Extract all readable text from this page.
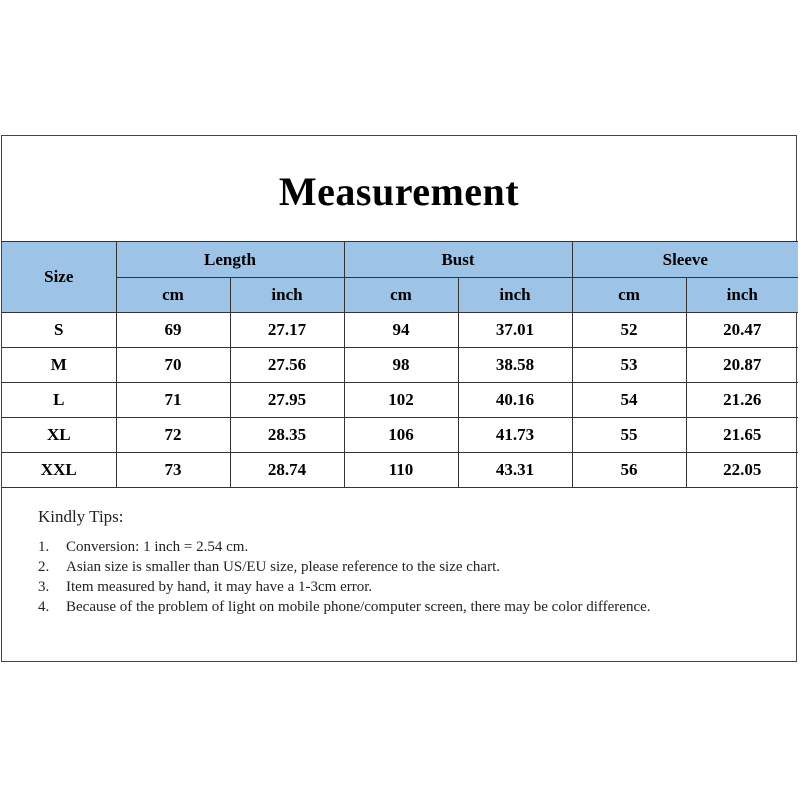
Measurement
Size	Length		Bust		Sleeve	
	cm	inch	cm	inch	cm	inch
S	69	27.17	94	37.01	52	20.47
M	70	27.56	98	38.58	53	20.87
L	71	27.95	102	40.16	54	21.26
XL	72	28.35	106	41.73	55	21.65
XXL	73	28.74	110	43.31	56	22.05
Kindly Tips:
1. Conversion: 1 inch = 2.54 cm.
2. Asian size is smaller than US/EU size, please reference to the size chart.
3. Item measured by hand, it may have a 1-3cm error.
4. Because of the problem of light on mobile phone/computer screen, there may be color difference.
